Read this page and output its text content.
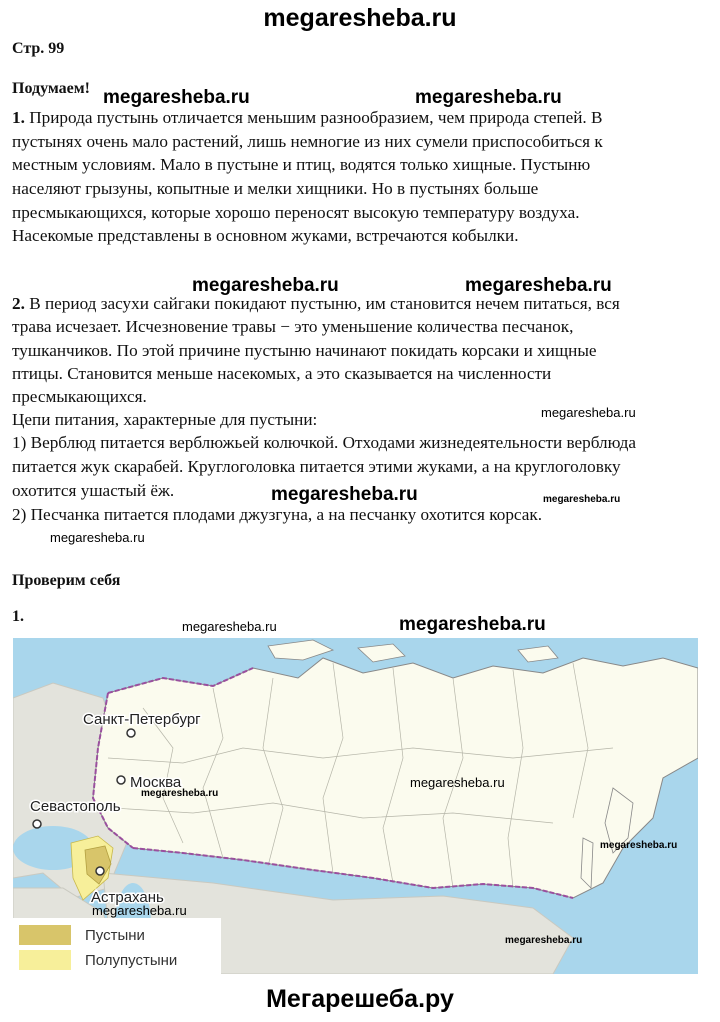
megaresheba.ru
Стр. 99
Подумаем!
1. Природа пустынь отличается меньшим разнообразием, чем природа степей. В
пустынях очень мало растений, лишь немногие из них сумели приспособиться к
местным условиям. Мало в пустыне и птиц, водятся только хищные. Пустыню
населяют грызуны, копытные и мелки хищники. Но в пустынях больше
пресмыкающихся, которые хорошо переносят высокую температуру воздуха.
Насекомые представлены в основном жуками, встречаются кобылки.
2. В период засухи сайгаки покидают пустыню, им становится нечем питаться, вся
трава исчезает. Исчезновение травы − это уменьшение количества песчанок,
тушканчиков. По этой причине пустыню начинают покидать корсаки и хищные
птицы. Становится меньше насекомых, а это сказывается на численности
пресмыкающихся.
Цепи питания, характерные для пустыни:
1) Верблюд питается верблюжьей колючкой. Отходами жизнедеятельности верблюда
питается жук скарабей. Круглоголовка питается этими жуками, а на круглоголовку
охотится ушастый ёж.
2) Песчанка питается плодами джузгуна, а на песчанку охотится корсак.
Проверим себя
1.
Санкт-Петербург
Москва
Севастополь
Астрахань
Пустыни
Полупустыни
megaresheba.ru	megaresheba.ru
megaresheba.ru	megaresheba.ru
megaresheba.ru
megaresheba.ru	megaresheba.ru
megaresheba.ru
megaresheba.ru	megaresheba.ru
megaresheba.ru
megaresheba.ru
megaresheba.ru
megaresheba.ru
megaresheba.ru
Мегарешеба.ру
